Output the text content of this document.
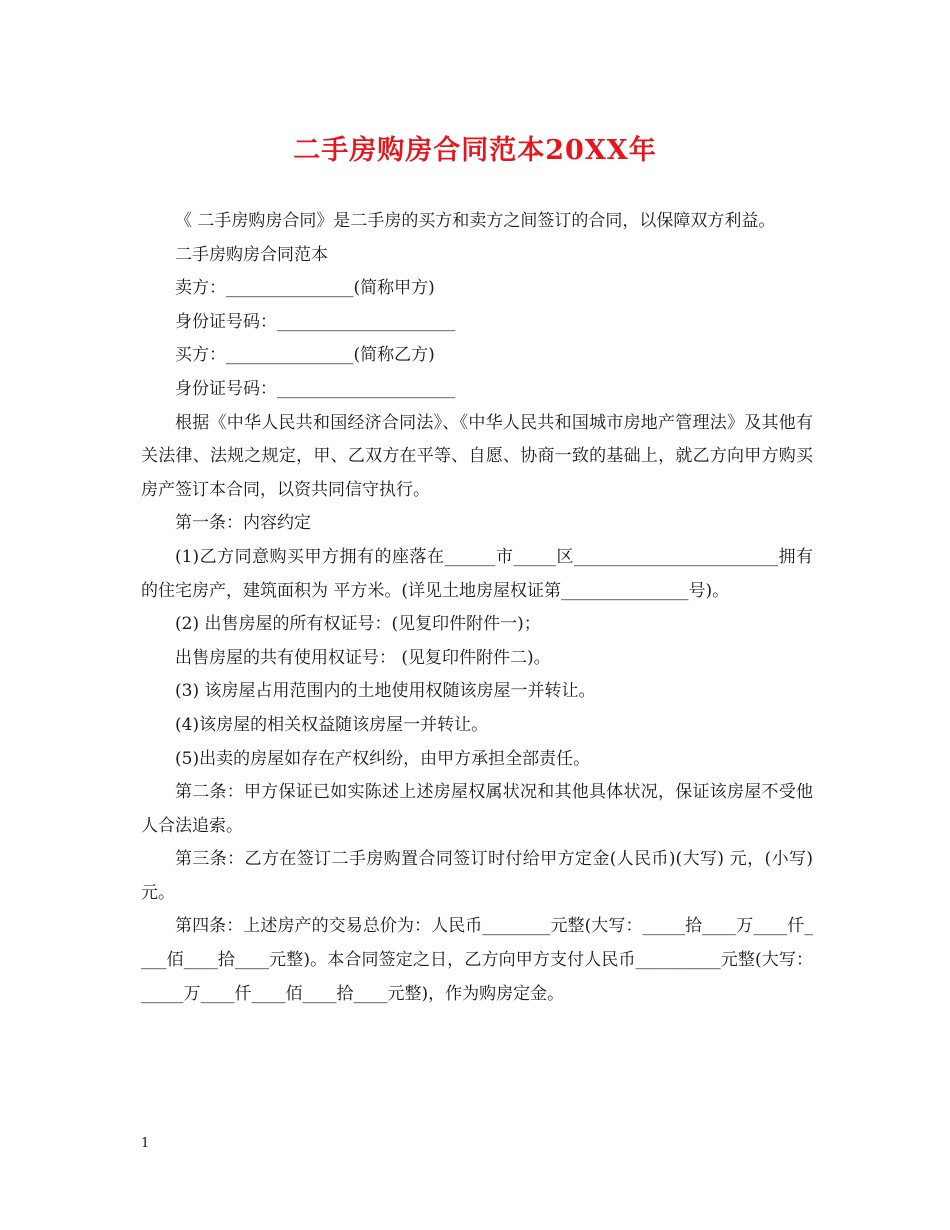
二手房购房合同范本20XX年

《 二手房购房合同》是二手房的买方和卖方之间签订的合同，以保障双方利益。

二手房购房合同范本

卖方：_______________(简称甲方)

身份证号码：_____________________

买方：_______________(简称乙方)

身份证号码：_____________________

根据《中华人民共和国经济合同法》、《中华人民共和国城市房地产管理法》及其他有关法律、法规之规定，甲、乙双方在平等、自愿、协商一致的基础上，就乙方向甲方购买房产签订本合同，以资共同信守执行。

第一条：内容约定

(1)乙方同意购买甲方拥有的座落在______市_____区________________________拥有的住宅房产，建筑面积为 平方米。(详见土地房屋权证第_______________号)。

(2) 出售房屋的所有权证号：(见复印件附件一)；

出售房屋的共有使用权证号： (见复印件附件二)。

(3) 该房屋占用范围内的土地使用权随该房屋一并转让。

(4)该房屋的相关权益随该房屋一并转让。

(5)出卖的房屋如存在产权纠纷，由甲方承担全部责任。

第二条：甲方保证已如实陈述上述房屋权属状况和其他具体状况，保证该房屋不受他人合法追索。

第三条：乙方在签订二手房购置合同签订时付给甲方定金(人民币)(大写) 元，(小写) 元。

第四条：上述房产的交易总价为：人民币________元整(大写：_____拾____万____仟____佰____拾____元整)。本合同签定之日，乙方向甲方支付人民币__________元整(大写：_____万____仟____佰____拾____元整)，作为购房定金。

1
